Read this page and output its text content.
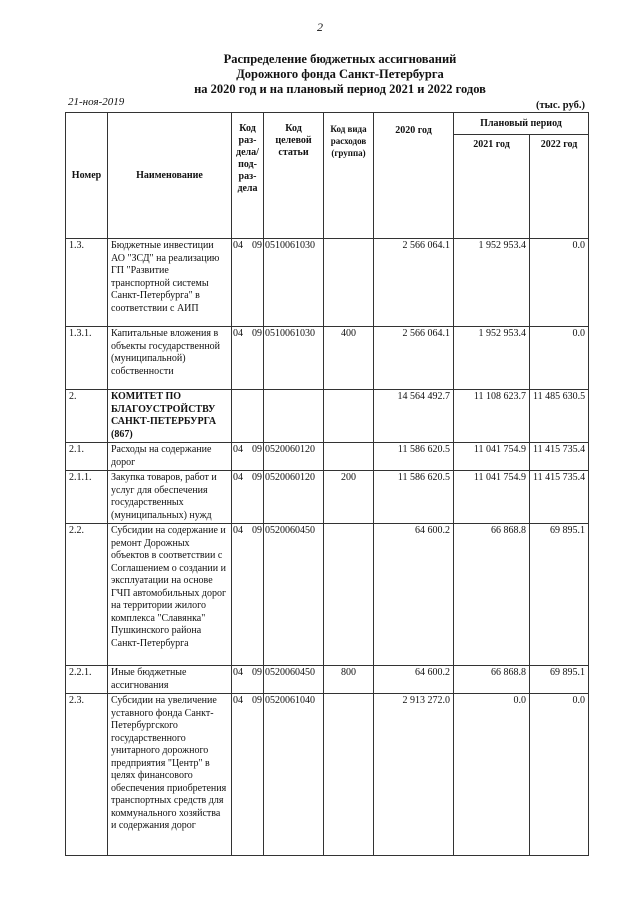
2
Распределение бюджетных ассигнований
Дорожного фонда Санкт-Петербурга
на 2020 год и на плановый период 2021 и 2022 годов
21-ноя-2019	(тыс. руб.)
Номер	Наименование	Код раз-дела/ под-раз-дела	Код целевой статьи	Код вида расходов (группа)	2020 год	Плановый период	
						2021 год	2022 год
1.3.	Бюджетные инвестиции АО "ЗСД" на реализацию ГП "Развитие транспортной системы Санкт-Петербурга" в соответствии с АИП	04 09	0510061030		2 566 064.1	1 952 953.4	0.0
1.3.1.	Капитальные вложения в объекты государственной (муниципальной) собственности	04 09	0510061030	400	2 566 064.1	1 952 953.4	0.0
2.	КОМИТЕТ ПО БЛАГОУСТРОЙСТВУ САНКТ-ПЕТЕРБУРГА (867)				14 564 492.7	11 108 623.7	11 485 630.5
2.1.	Расходы на содержание дорог	04 09	0520060120		11 586 620.5	11 041 754.9	11 415 735.4
2.1.1.	Закупка товаров, работ и услуг для обеспечения государственных (муниципальных) нужд	04 09	0520060120	200	11 586 620.5	11 041 754.9	11 415 735.4
2.2.	Субсидии на содержание и ремонт Дорожных объектов в соответствии с Соглашением о создании и эксплуатации на основе ГЧП автомобильных дорог на территории жилого комплекса "Славянка" Пушкинского района Санкт-Петербурга	04 09	0520060450		64 600.2	66 868.8	69 895.1
2.2.1.	Иные бюджетные ассигнования	04 09	0520060450	800	64 600.2	66 868.8	69 895.1
2.3.	Субсидии на увеличение уставного фонда Санкт-Петербургского государственного унитарного дорожного предприятия "Центр" в целях финансового обеспечения приобретения транспортных средств для коммунального хозяйства и содержания дорог	04 09	0520061040		2 913 272.0	0.0	0.0
